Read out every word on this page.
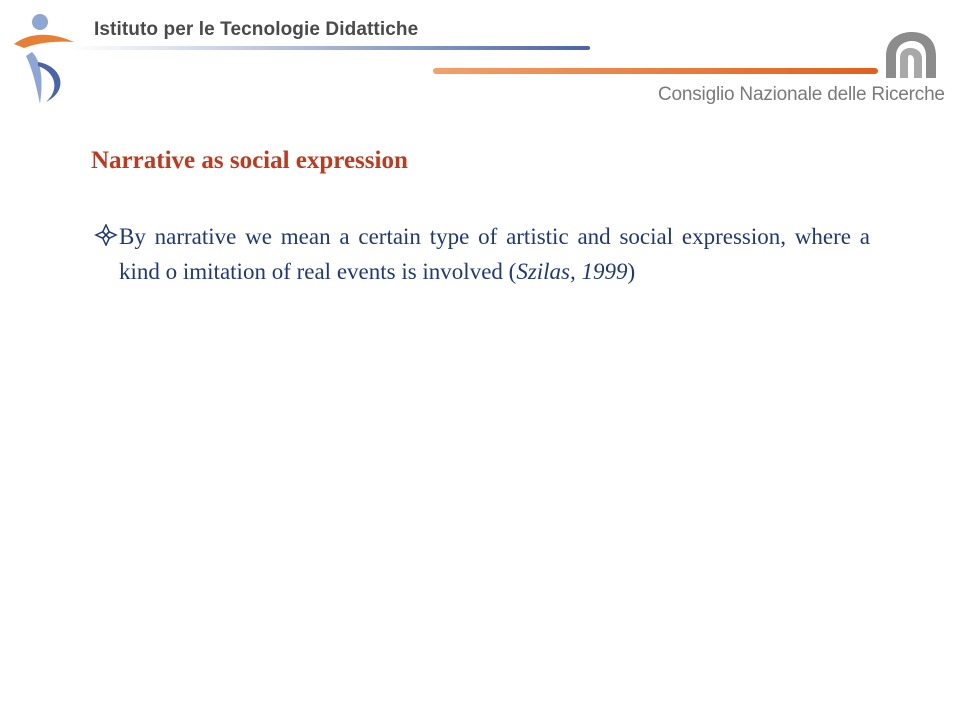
Istituto per le Tecnologie Didattiche
Consiglio Nazionale delle Ricerche
Narrative as social expression
By narrative we mean a certain type of artistic and social expression, where a kind o imitation of real events is involved (Szilas, 1999)
